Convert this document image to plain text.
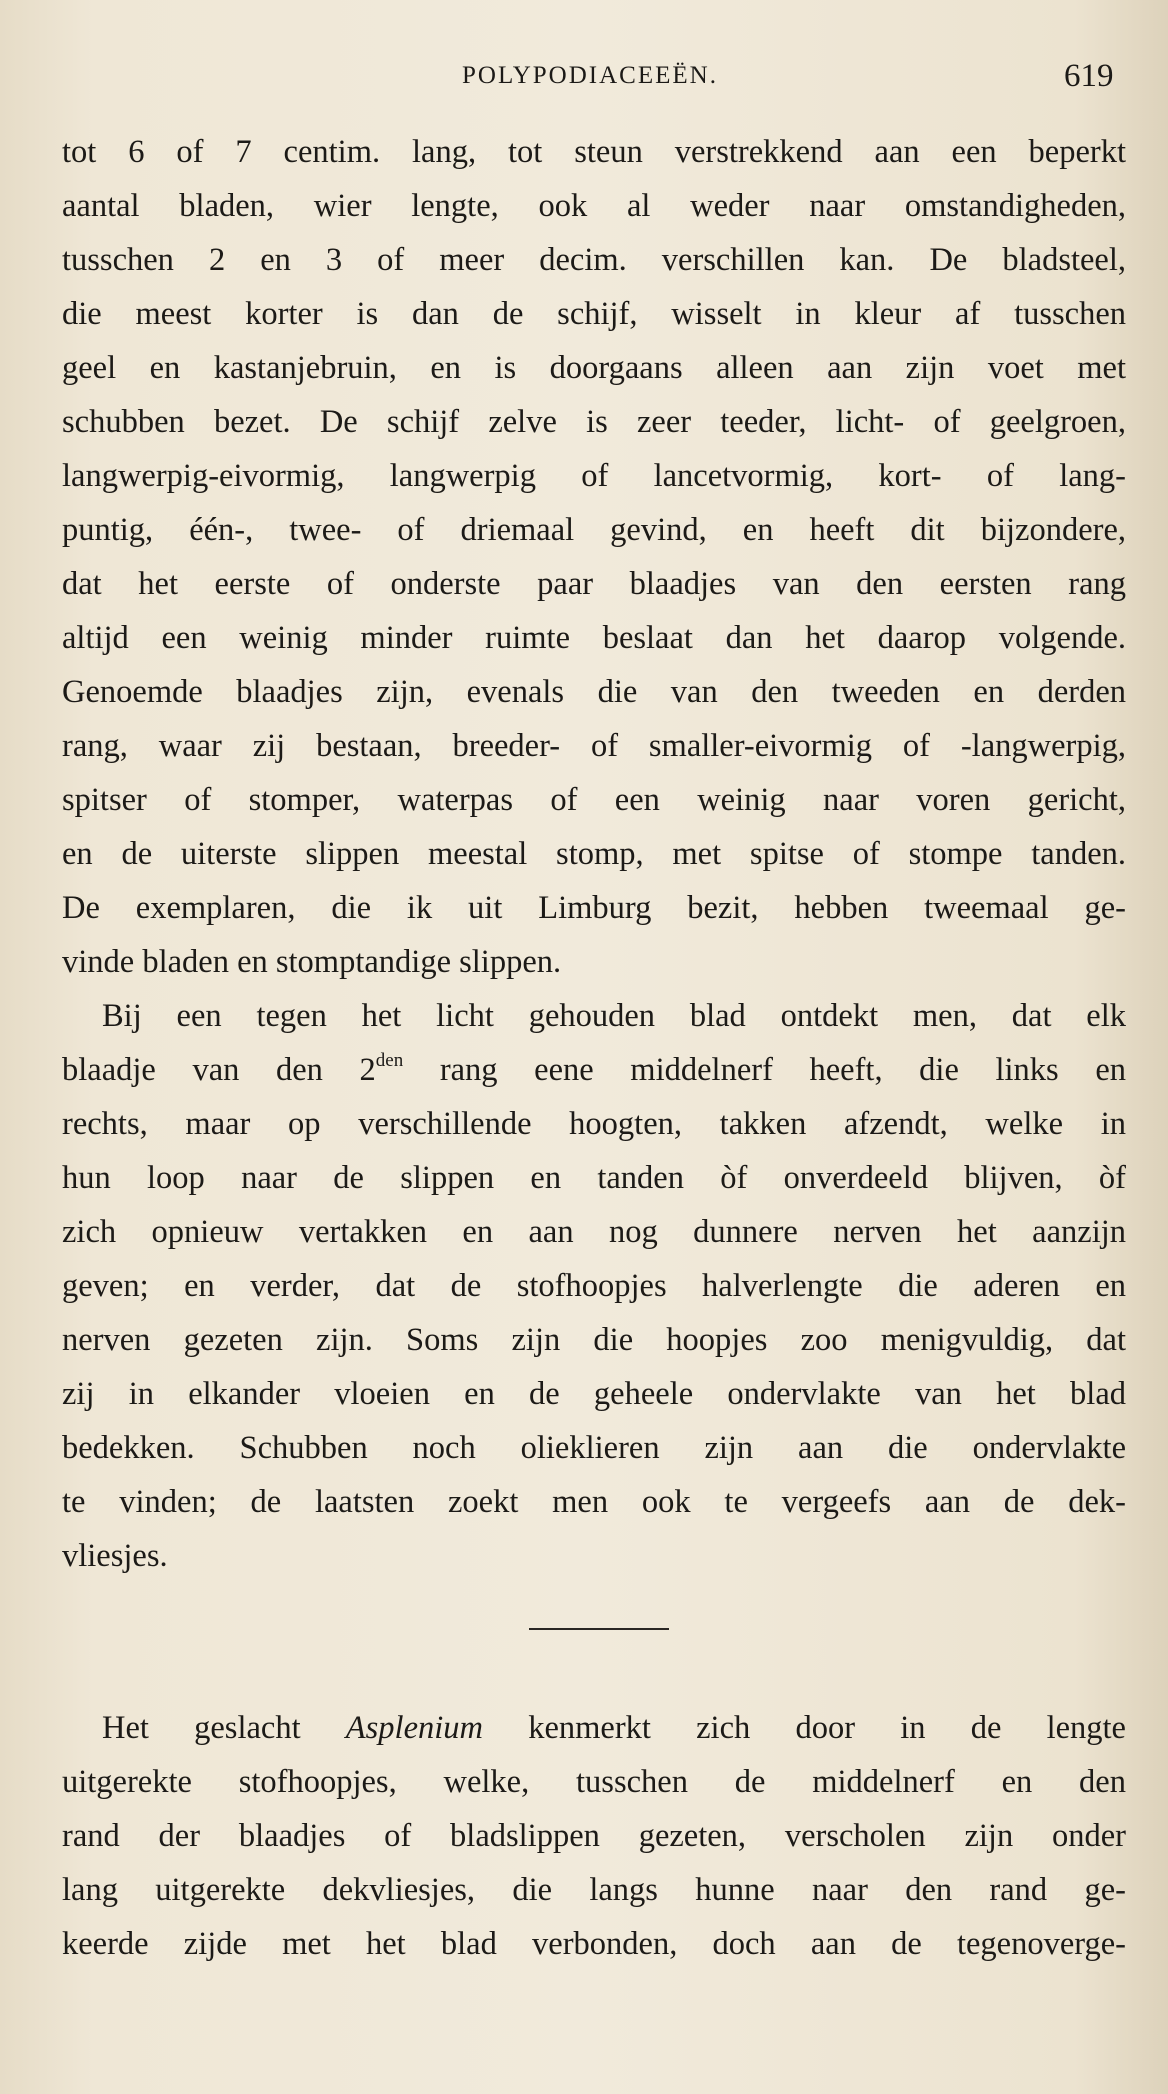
POLYPODIACEEËN.	619
tot 6 of 7 centim. lang, tot steun verstrekkend aan een beperkt
aantal bladen, wier lengte, ook al weder naar omstandigheden,
tusschen 2 en 3 of meer decim. verschillen kan. De bladsteel,
die meest korter is dan de schijf, wisselt in kleur af tusschen
geel en kastanjebruin, en is doorgaans alleen aan zijn voet met
schubben bezet. De schijf zelve is zeer teeder, licht- of geelgroen,
langwerpig-eivormig, langwerpig of lancetvormig, kort- of lang-
puntig, één-, twee- of driemaal gevind, en heeft dit bijzondere,
dat het eerste of onderste paar blaadjes van den eersten rang
altijd een weinig minder ruimte beslaat dan het daarop volgende.
Genoemde blaadjes zijn, evenals die van den tweeden en derden
rang, waar zij bestaan, breeder- of smaller-eivormig of -langwerpig,
spitser of stomper, waterpas of een weinig naar voren gericht,
en de uiterste slippen meestal stomp, met spitse of stompe tanden.
De exemplaren, die ik uit Limburg bezit, hebben tweemaal ge-
vinde bladen en stomptandige slippen.
Bij een tegen het licht gehouden blad ontdekt men, dat elk
blaadje van den $2^{den}$ rang eene middelnerf heeft, die links en
rechts, maar op verschillende hoogten, takken afzendt, welke in
hun loop naar de slippen en tanden òf onverdeeld blijven, òf
zich opnieuw vertakken en aan nog dunnere nerven het aanzijn
geven; en verder, dat de stofhoopjes halverlengte die aderen en
nerven gezeten zijn. Soms zijn die hoopjes zoo menigvuldig, dat
zij in elkander vloeien en de geheele ondervlakte van het blad
bedekken. Schubben noch olieklieren zijn aan die ondervlakte
te vinden; de laatsten zoekt men ook te vergeefs aan de dek-
vliesjes.
Het geslacht Asplenium kenmerkt zich door in de lengte
uitgerekte stofhoopjes, welke, tusschen de middelnerf en den
rand der blaadjes of bladslippen gezeten, verscholen zijn onder
lang uitgerekte dekvliesjes, die langs hunne naar den rand ge-
keerde zijde met het blad verbonden, doch aan de tegenoverge-
